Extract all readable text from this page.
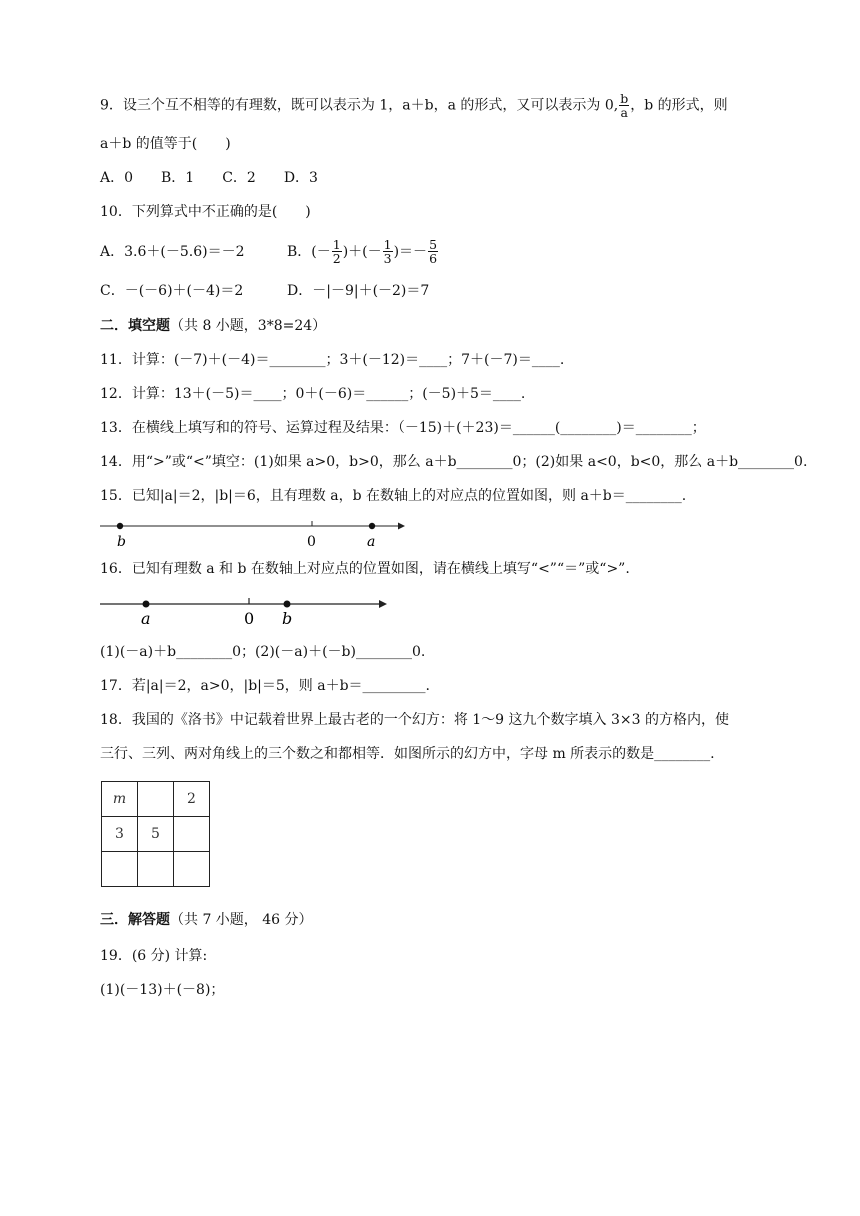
9．设三个互不相等的有理数，既可以表示为 1，a＋b，a 的形式，又可以表示为 0, $\frac{b}{a}$ ，b 的形式，则
a＋b 的值等于(　　)
A．0　　B．1　　C．2　　D．3
10．下列算式中不正确的是(　　)
A．3.6＋(－5.6)＝－2	B．(－ $\frac{1}{2}$ )＋(－ $\frac{1}{3}$ )＝－ $\frac{5}{6}$
C．－(－6)＋(－4)＝2	D．－|－9|＋(－2)＝7
二．填空题（共 8 小题，3*8=24）
11．计算：(－7)＋(－4)＝________；3＋(－12)＝____；7＋(－7)＝____.
12．计算：13＋(－5)＝____；0＋(－6)＝______；(－5)＋5＝____.
13．在横线上填写和的符号、运算过程及结果：（－15)＋(＋23)＝______(________)＝________；
14．用“>”或“<”填空：(1)如果 a>0，b>0，那么 a＋b________0；(2)如果 a<0，b<0，那么 a＋b________0.
15．已知|a|＝2，|b|＝6，且有理数 a，b 在数轴上的对应点的位置如图，则 a＋b＝________.
b	0	a
16．已知有理数 a 和 b 在数轴上对应点的位置如图，请在横线上填写“<”“＝”或“>”.
a	0 b
(1)(－a)＋b________0；(2)(－a)＋(－b)________0.
17．若|a|＝2，a>0，|b|＝5，则 a＋b＝_________.
18．我国的《洛书》中记载着世界上最古老的一个幻方：将 1～9 这九个数字填入 3×3 的方格内，使
三行、三列、两对角线上的三个数之和都相等．如图所示的幻方中，字母 m 所表示的数是________.
m		2
3	5	

三．解答题（共 7 小题， 46 分）
19．(6 分) 计算:
(1)(－13)＋(－8)；
